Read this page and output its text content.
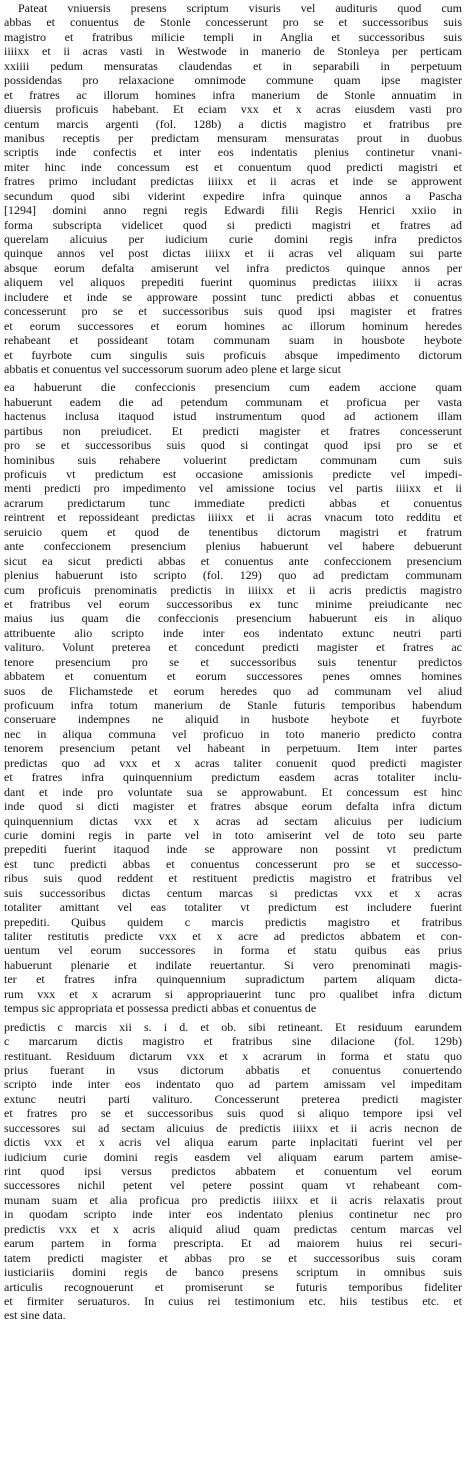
Pateat vniuersis presens scriptum visuris vel audituris quod cum
abbas et conuentus de Stonle concesserunt pro se et successoribus suis
magistro et fratribus milicie templi in Anglia et successoribus suis
iiiixx et ii acras vasti in Westwode in manerio de Stonleya per perticam
xxiiii pedum mensuratas claudendas et in separabili in perpetuum
possidendas pro relaxacione omnimode commune quam ipse magister
et fratres ac illorum homines infra manerium de Stonle annuatim in
diuersis proficuis habebant. Et eciam vxx et x acras eiusdem vasti pro
centum marcis argenti (fol. 128b) a dictis magistro et fratribus pre
manibus receptis per predictam mensuram mensuratas prout in duobus
scriptis inde confectis et inter eos indentatis plenius continetur vnani-
miter hinc inde concessum est et conuentum quod predicti magistri et
fratres primo includant predictas iiiixx et ii acras et inde se approwent
secundum quod sibi viderint expedire infra quinque annos a Pascha
[1294] domini anno regni regis Edwardi filii Regis Henrici xxiio in
forma subscripta videlicet quod si predicti magistri et fratres ad
querelam alicuius per iudicium curie domini regis infra predictos
quinque annos vel post dictas iiiixx et ii acras vel aliquam sui parte
absque eorum defalta amiserunt vel infra predictos quinque annos per
aliquem vel aliquos prepediti fuerint quominus predictas iiiixx ii acras
includere et inde se approware possint tunc predicti abbas et conuentus
concesserunt pro se et successoribus suis quod ipsi magister et fratres
et eorum successores et eorum homines ac illorum hominum heredes
rehabeant et possideant totam communam suam in housbote heybote
et fuyrbote cum singulis suis proficuis absque impedimento dictorum
abbatis et conuentus vel successorum suorum adeo plene et large sicut
ea habuerunt die confeccionis presencium cum eadem accione quam
habuerunt eadem die ad petendum communam et proficua per vasta
hactenus inclusa itaquod istud instrumentum quod ad actionem illam
partibus non preiudicet. Et predicti magister et fratres concesserunt
pro se et successoribus suis quod si contingat quod ipsi pro se et
hominibus suis rehabere voluerint predictam communam cum suis
proficuis vt predictum est occasione amissionis predicte vel impedi-
menti predicti pro impedimento vel amissione tocius vel partis iiiixx et ii
acrarum predictarum tunc immediate predicti abbas et conuentus
reintrent et repossideant predictas iiiixx et ii acras vnacum toto redditu et
seruicio quem et quod de tenentibus dictorum magistri et fratrum
ante confeccionem presencium plenius habuerunt vel habere debuerunt
sicut ea sicut predicti abbas et conuentus ante confeccionem presencium
plenius habuerunt isto scripto (fol. 129) quo ad predictam communam
cum proficuis prenominatis predictis in iiiixx et ii acris predictis magistro
et fratribus vel eorum successoribus ex tunc minime preiudicante nec
maius ius quam die confeccionis presencium habuerunt eis in aliquo
attribuente alio scripto inde inter eos indentato extunc neutri parti
valituro. Volunt preterea et concedunt predicti magister et fratres ac
tenore presencium pro se et successoribus suis tenentur predictos
abbatem et conuentum et eorum successores penes omnes homines
suos de Flichamstede et eorum heredes quo ad communam vel aliud
proficuum infra totum manerium de Stanle futuris temporibus habendum
conseruare indempnes ne aliquid in husbote heybote et fuyrbote
nec in aliqua communa vel proficuo in toto manerio predicto contra
tenorem presencium petant vel habeant in perpetuum. Item inter partes
predictas quo ad vxx et x acras taliter conuenit quod predicti magister
et fratres infra quinquennium predictum easdem acras totaliter inclu-
dant et inde pro voluntate sua se approwabunt. Et concessum est hinc
inde quod si dicti magister et fratres absque eorum defalta infra dictum
quinquennium dictas vxx et x acras ad sectam alicuius per iudicium
curie domini regis in parte vel in toto amiserint vel de toto seu parte
prepediti fuerint itaquod inde se approware non possint vt predictum
est tunc predicti abbas et conuentus concesserunt pro se et successo-
ribus suis quod reddent et restituent predictis magistro et fratribus vel
suis successoribus dictas centum marcas si predictas vxx et x acras
totaliter amittant vel eas totaliter vt predictum est includere fuerint
prepediti. Quibus quidem c marcis predictis magistro et fratribus
taliter restitutis predicte vxx et x acre ad predictos abbatem et con-
uentum vel eorum successores in forma et statu quibus eas prius
habuerunt plenarie et indilate reuertantur. Si vero prenominati magis-
ter et fratres infra quinquennium supradictum partem aliquam dicta-
rum vxx et x acrarum si appropriauerint tunc pro qualibet infra dictum
tempus sic appropriata et possessa predicti abbas et conuentus de
predictis c marcis xii s. i d. et ob. sibi retineant. Et residuum earundem
c marcarum dictis magistro et fratribus sine dilacione (fol. 129b)
restituant. Residuum dictarum vxx et x acrarum in forma et statu quo
prius fuerant in vsus dictorum abbatis et conuentus conuertendo
scripto inde inter eos indentato quo ad partem amissam vel impeditam
extunc neutri parti valituro. Concesserunt preterea predicti magister
et fratres pro se et successoribus suis quod si aliquo tempore ipsi vel
successores sui ad sectam alicuius de predictis iiiixx et ii acris necnon de
dictis vxx et x acris vel aliqua earum parte inplacitati fuerint vel per
iudicium curie domini regis easdem vel aliquam earum partem amise-
rint quod ipsi versus predictos abbatem et conuentum vel eorum
successores nichil petent vel petere possint quam vt rehabeant com-
munam suam et alia proficua pro predictis iiiixx et ii acris relaxatis prout
in quodam scripto inde inter eos indentato plenius continetur nec pro
predictis vxx et x acris aliquid aliud quam predictas centum marcas vel
earum partem in forma prescripta. Et ad maiorem huius rei securi-
tatem predicti magister et abbas pro se et successoribus suis coram
iusticiariis domini regis de banco presens scriptum in omnibus suis
articulis recognouerunt et promiserunt se futuris temporibus fideliter
et firmiter seruaturos. In cuius rei testimonium etc. hiis testibus etc. et
est sine data.
